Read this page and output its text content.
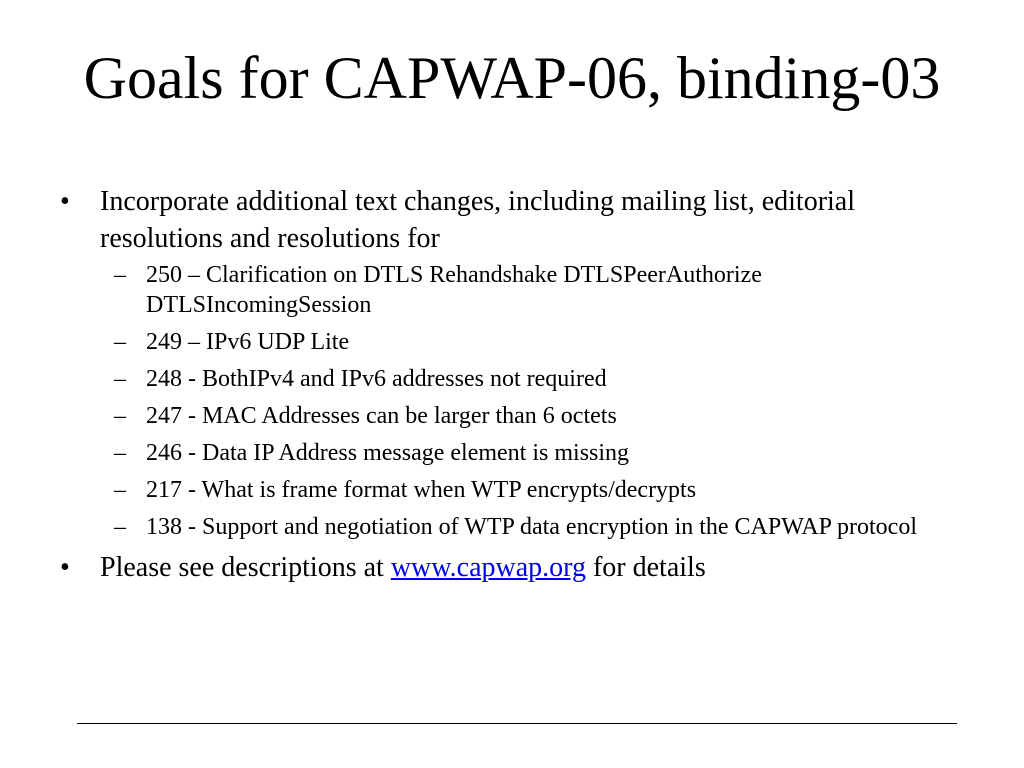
Goals for CAPWAP-06, binding-03
• Incorporate additional text changes, including mailing list, editorial resolutions and resolutions for
– 250 – Clarification on DTLS Rehandshake DTLSPeerAuthorize DTLSIncomingSession
– 249 – IPv6 UDP Lite
– 248 - BothIPv4 and IPv6 addresses not required
– 247 - MAC Addresses can be larger than 6 octets
– 246 - Data IP Address message element is missing
– 217 - What is frame format when WTP encrypts/decrypts
– 138 - Support and negotiation of WTP data encryption in the CAPWAP protocol
• Please see descriptions at www.capwap.org for details
